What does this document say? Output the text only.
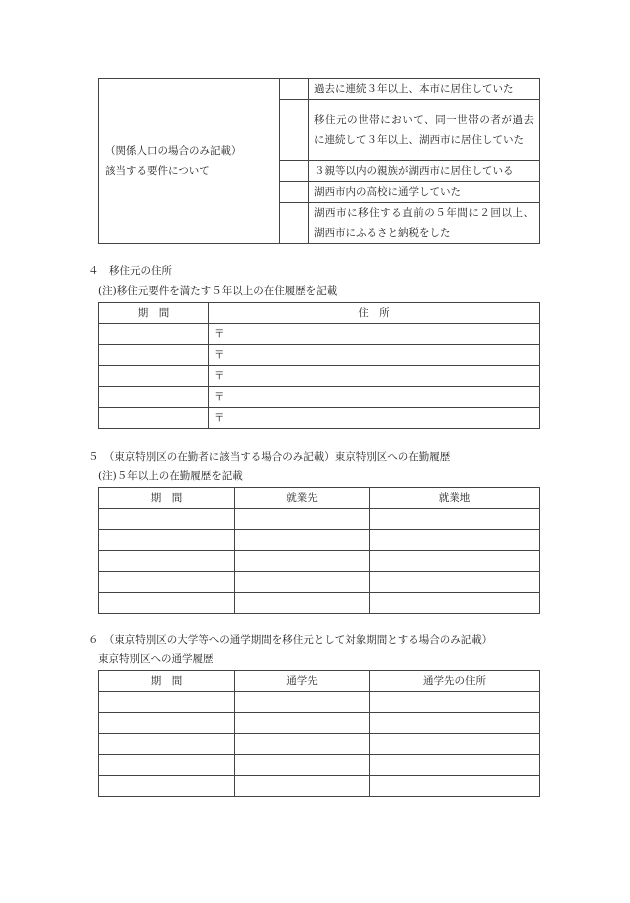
（関係人口の場合のみ記載）
該当する要件について		過去に連続３年以上、本市に居住していた
		移住元の世帯において、同一世帯の者が過去に連続して３年以上、湖西市に居住していた
		３親等以内の親族が湖西市に居住している
		湖西市内の高校に通学していた
		湖西市に移住する直前の５年間に２回以上、湖西市にふるさと納税をした
４　移住元の住所
(注)移住元要件を満たす５年以上の在住履歴を記載
期　間	住　所
	〒
	〒
	〒
	〒
	〒
５　（東京特別区の在勤者に該当する場合のみ記載）東京特別区への在勤履歴
(注)５年以上の在勤履歴を記載
期　間	就業先	就業地

６　（東京特別区の大学等への通学期間を移住元として対象期間とする場合のみ記載）
東京特別区への通学履歴
期　間	通学先	通学先の住所
